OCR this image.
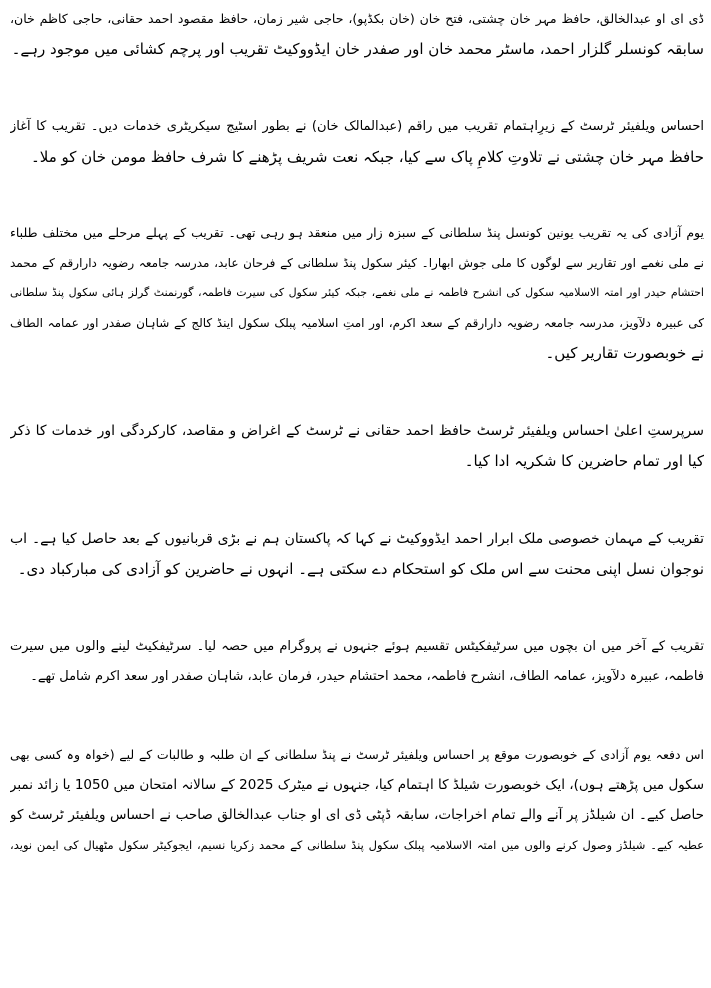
ڈی ای او عبدالخالق، حافظ مہر خان چشتی، فتح خان (خان بکڈپو)، حاجی شیر زمان، حافظ مقصود احمد حقانی، حاجی کاظم خان،
سابقہ کونسلر گلزار احمد، ماسٹر محمد خان اور صفدر خان ایڈووکیٹ تقریب اور پرچم کشائی میں موجود رہے۔
احساس ویلفیئر ٹرسٹ کے زیرِاہتمام تقریب میں راقم (عبدالمالک خان) نے بطور اسٹیج سیکریٹری خدمات دیں۔ تقریب کا آغاز
حافظ مہر خان چشتی نے تلاوتِ کلامِ پاک سے کیا، جبکہ نعت شریف پڑھنے کا شرف حافظ مومن خان کو ملا۔
یوم آزادی کی یہ تقریب یونین کونسل پنڈ سلطانی کے سبزہ زار میں منعقد ہو رہی تھی۔ تقریب کے پہلے مرحلے میں مختلف طلباء
نے ملی نغمے اور تقاریر سے لوگوں کا ملی جوش ابھارا۔ کیئر سکول پنڈ سلطانی کے فرحان عابد، مدرسہ جامعہ رضویہ دارارقم کے محمد
احتشام حیدر اور امتہ الاسلامیہ سکول کی انشرح فاطمہ نے ملی نغمے، جبکہ کیئر سکول کی سیرت فاطمہ، گورنمنٹ گرلز ہائی سکول پنڈ سلطانی
کی عبیرہ دلآویز، مدرسہ جامعہ رضویہ دارارقم کے سعد اکرم، اور امتِ اسلامیہ پبلک سکول اینڈ کالج کے شاہان صفدر اور عمامہ الطاف
نے خوبصورت تقاریر کیں۔
سرپرستِ اعلیٰ احساس ویلفیئر ٹرسٹ حافظ احمد حقانی نے ٹرسٹ کے اغراض و مقاصد، کارکردگی اور خدمات کا ذکر
کیا اور تمام حاضرین کا شکریہ ادا کیا۔
تقریب کے مہمان خصوصی ملک ابرار احمد ایڈووکیٹ نے کہا کہ پاکستان ہم نے بڑی قربانیوں کے بعد حاصل کیا ہے۔ اب
نوجوان نسل اپنی محنت سے اس ملک کو استحکام دے سکتی ہے۔ انہوں نے حاضرین کو آزادی کی مبارکباد دی۔
تقریب کے آخر میں ان بچوں میں سرٹیفکیٹس تقسیم ہوئے جنہوں نے پروگرام میں حصہ لیا۔ سرٹیفکیٹ لینے والوں میں سیرت
فاطمہ، عبیرہ دلآویز، عمامہ الطاف، انشرح فاطمہ، محمد احتشام حیدر، فرمان عابد، شاہان صفدر اور سعد اکرم شامل تھے۔
اس دفعہ یوم آزادی کے خوبصورت موقع پر احساس ویلفیئر ٹرسٹ نے پنڈ سلطانی کے ان طلبہ و طالبات کے لیے (خواہ وہ کسی بھی
سکول میں پڑھتے ہوں)، ایک خوبصورت شیلڈ کا اہتمام کیا، جنہوں نے میٹرک 2025 کے سالانہ امتحان میں 1050 یا زائد نمبر
حاصل کیے۔ ان شیلڈز پر آنے والے تمام اخراجات، سابقہ ڈپٹی ڈی ای او جناب عبدالخالق صاحب نے احساس ویلفیئر ٹرسٹ کو
عطیہ کیے۔ شیلڈز وصول کرنے والوں میں امتہ الاسلامیہ پبلک سکول پنڈ سلطانی کے محمد زکریا نسیم، ایجوکیٹر سکول مٹھیال کی ایمن نوید،
